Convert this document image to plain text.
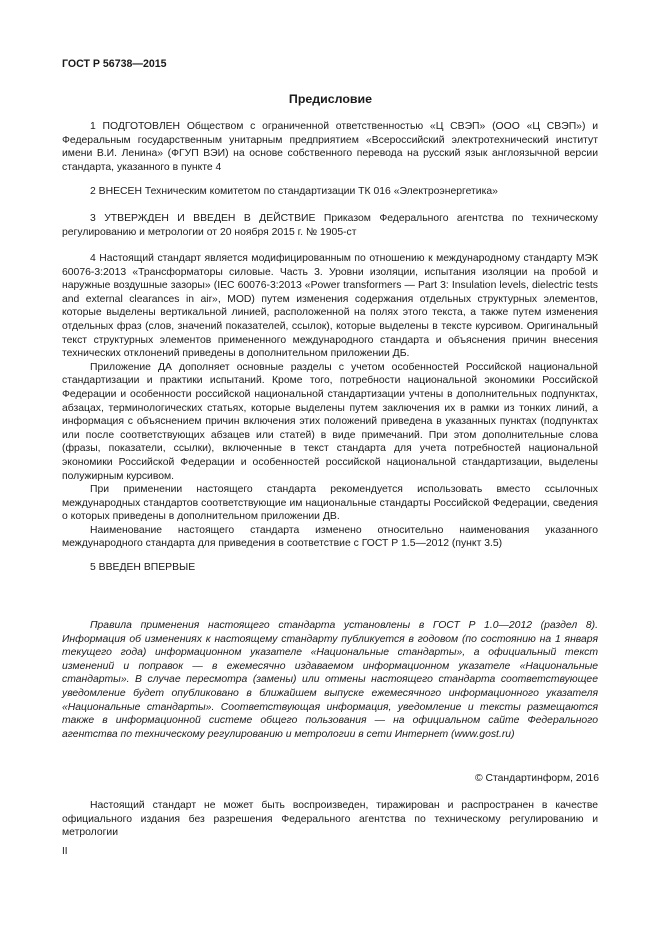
ГОСТ Р 56738—2015
Предисловие

1 ПОДГОТОВЛЕН Обществом с ограниченной ответственностью «Ц СВЭП» (ООО «Ц СВЭП») и Федеральным государственным унитарным предприятием «Всероссийский электротехнический институт имени В.И. Ленина» (ФГУП ВЭИ) на основе собственного перевода на русский язык англоязычной версии стандарта, указанного в пункте 4

2 ВНЕСЕН Техническим комитетом по стандартизации ТК 016 «Электроэнергетика»

3 УТВЕРЖДЕН И ВВЕДЕН В ДЕЙСТВИЕ Приказом Федерального агентства по техническому регулированию и метрологии от 20 ноября 2015 г. № 1905-ст

4 Настоящий стандарт является модифицированным по отношению к международному стандарту МЭК 60076-3:2013 «Трансформаторы силовые. Часть 3. Уровни изоляции, испытания изоляции на пробой и наружные воздушные зазоры» (IEC 60076-3:2013 «Power transformers — Part 3: Insulation levels, dielectric tests and external clearances in air», MOD) путем изменения содержания отдельных структурных элементов, которые выделены вертикальной линией, расположенной на полях этого текста, а также путем изменения отдельных фраз (слов, значений показателей, ссылок), которые выделены в тексте курсивом. Оригинальный текст структурных элементов примененного международного стандарта и объяснения причин внесения технических отклонений приведены в дополнительном приложении ДБ.

Приложение ДА дополняет основные разделы с учетом особенностей Российской национальной стандартизации и практики испытаний. Кроме того, потребности национальной экономики Российской Федерации и особенности российской национальной стандартизации учтены в дополнительных подпунктах, абзацах, терминологических статьях, которые выделены путем заключения их в рамки из тонких линий, а информация с объяснением причин включения этих положений приведена в указанных пунктах (подпунктах или после соответствующих абзацев или статей) в виде примечаний. При этом дополнительные слова (фразы, показатели, ссылки), включенные в текст стандарта для учета потребностей национальной экономики Российской Федерации и особенностей российской национальной стандартизации, выделены полужирным курсивом.

При применении настоящего стандарта рекомендуется использовать вместо ссылочных международных стандартов соответствующие им национальные стандарты Российской Федерации, сведения о которых приведены в дополнительном приложении ДВ.

Наименование настоящего стандарта изменено относительно наименования указанного международного стандарта для приведения в соответствие с ГОСТ Р 1.5—2012 (пункт 3.5)

5 ВВЕДЕН ВПЕРВЫЕ

Правила применения настоящего стандарта установлены в ГОСТ Р 1.0—2012 (раздел 8). Информация об изменениях к настоящему стандарту публикуется в годовом (по состоянию на 1 января текущего года) информационном указателе «Национальные стандарты», а официальный текст изменений и поправок — в ежемесячно издаваемом информационном указателе «Национальные стандарты». В случае пересмотра (замены) или отмены настоящего стандарта соответствующее уведомление будет опубликовано в ближайшем выпуске ежемесячного информационного указателя «Национальные стандарты». Соответствующая информация, уведомление и тексты размещаются также в информационной системе общего пользования — на официальном сайте Федерального агентства по техническому регулированию и метрологии в сети Интернет (www.gost.ru)

© Стандартинформ, 2016

Настоящий стандарт не может быть воспроизведен, тиражирован и распространен в качестве официального издания без разрешения Федерального агентства по техническому регулированию и метрологии

II
